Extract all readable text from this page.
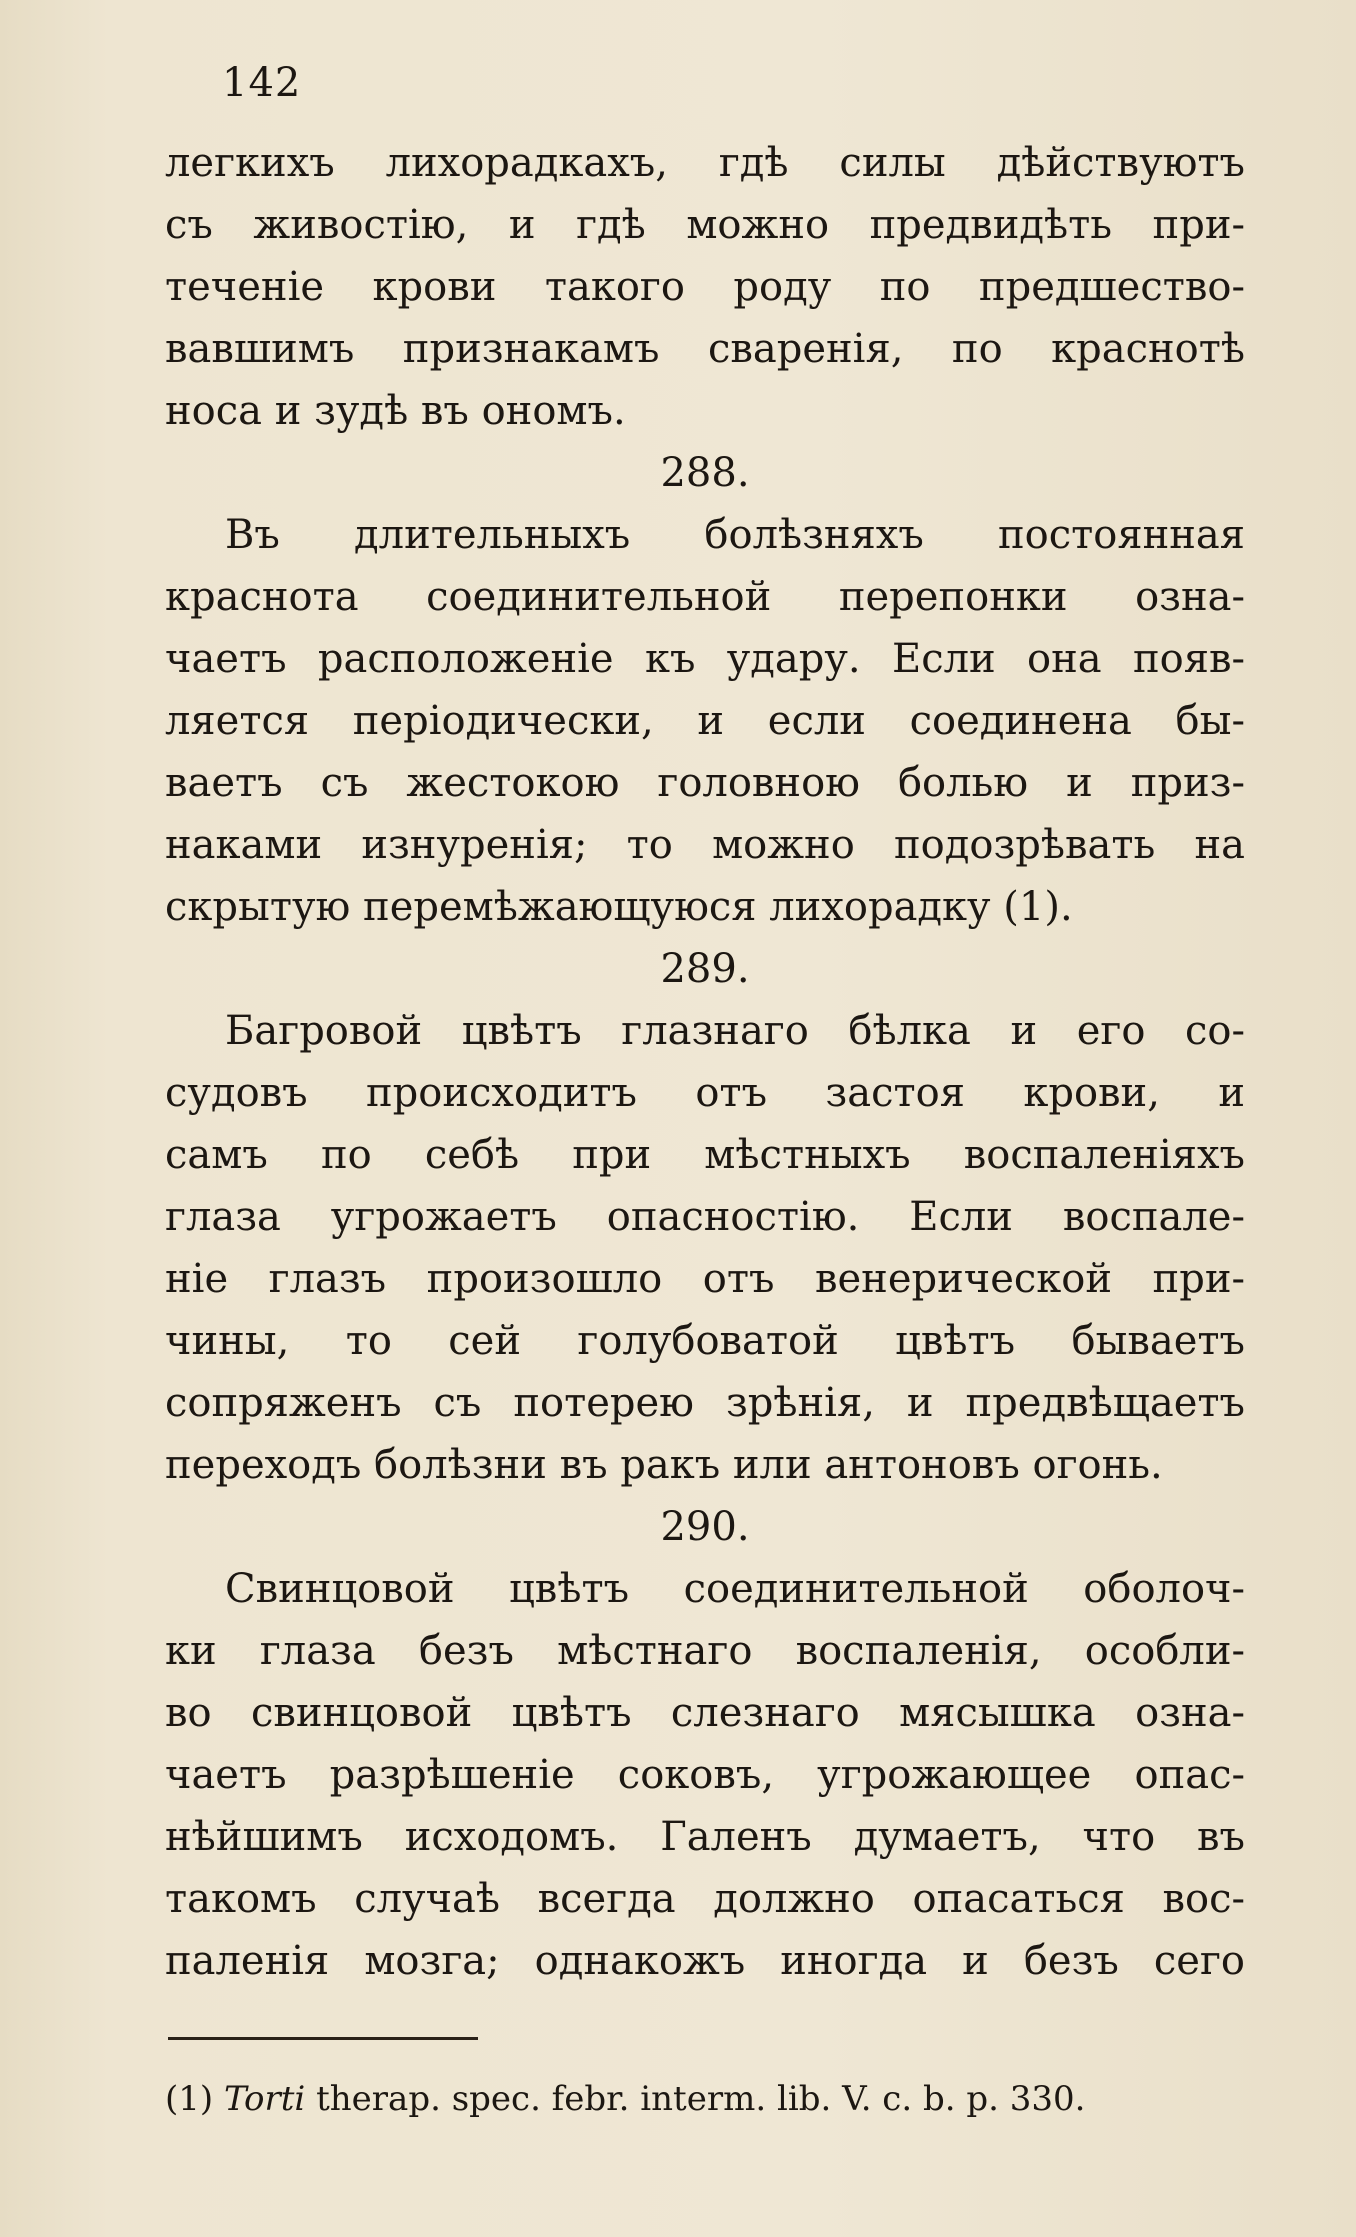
142
легкихъ лихорадкахъ, гдѣ силы дѣйствуютъ
съ живостію, и гдѣ можно предвидѣть при-
теченіе крови такого роду по предшество-
вавшимъ признакамъ сваренія, по краснотѣ
носа и зудѣ въ ономъ.
288.
Въ длительныхъ болѣзняхъ постоянная
краснота соединительной перепонки озна-
чаетъ расположеніе къ удару. Если она появ-
ляется періодически, и если соединена бы-
ваетъ съ жестокою головною болью и приз-
наками изнуренія; то можно подозрѣвать на
скрытую перемѣжающуюся лихорадку (1).
289.
Багровой цвѣтъ глазнаго бѣлка и его со-
судовъ происходитъ отъ застоя крови, и
самъ по себѣ при мѣстныхъ воспаленіяхъ
глаза угрожаетъ опасностію. Если воспале-
ніе глазъ произошло отъ венерической при-
чины, то сей голубоватой цвѣтъ бываетъ
сопряженъ съ потерею зрѣнія, и предвѣщаетъ
переходъ болѣзни въ ракъ или антоновъ огонь.
290.
Свинцовой цвѣтъ соединительной оболоч-
ки глаза безъ мѣстнаго воспаленія, особли-
во свинцовой цвѣтъ слезнаго мясышка озна-
чаетъ разрѣшеніе соковъ, угрожающее опас-
нѣйшимъ исходомъ. Галенъ думаетъ, что въ
такомъ случаѣ всегда должно опасаться вос-
паленія мозга; однакожъ иногда и безъ сего
(1) Torti therap. spec. febr. interm. lib. V. c. b. p. 330.
